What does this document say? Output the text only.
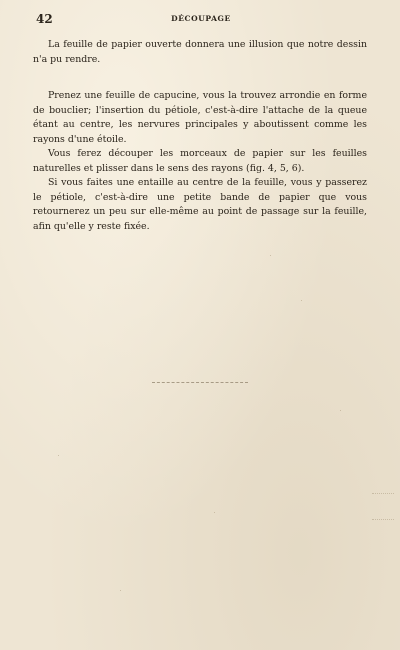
42	DÉCOUPAGE

La feuille de papier ouverte donnera une illusion que notre dessin n'a pu rendre.

Prenez une feuille de capucine, vous la trouvez arrondie en forme de bouclier; l'insertion du pétiole, c'est-à-dire l'attache de la queue étant au centre, les nervures principales y aboutissent comme les rayons d'une étoile.

Vous ferez découper les morceaux de papier sur les feuilles naturelles et plisser dans le sens des rayons (fig. 4, 5, 6).

Si vous faites une entaille au centre de la feuille, vous y passerez le pétiole, c'est-à-dire une petite bande de papier que vous retournerez un peu sur elle-même au point de passage sur la feuille, afin qu'elle y reste fixée.
